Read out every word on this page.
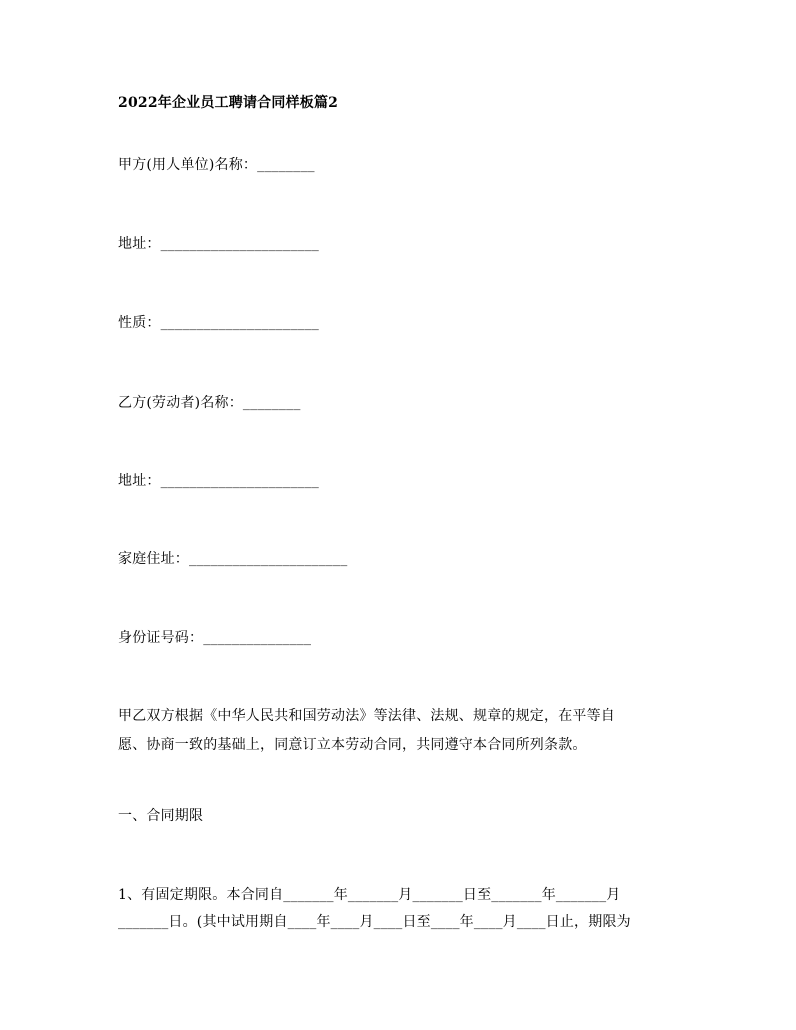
2022年企业员工聘请合同样板篇2
甲方(用人单位)名称：________
地址：______________________
性质：______________________
乙方(劳动者)名称：________
地址：______________________
家庭住址：______________________
身份证号码：_______________
甲乙双方根据《中华人民共和国劳动法》等法律、法规、规章的规定，在平等自
愿、协商一致的基础上，同意订立本劳动合同，共同遵守本合同所列条款。
一、合同期限
1、有固定期限。本合同自_______年_______月_______日至_______年_______月
_______日。(其中试用期自____年____月____日至____年____月____日止，期限为
